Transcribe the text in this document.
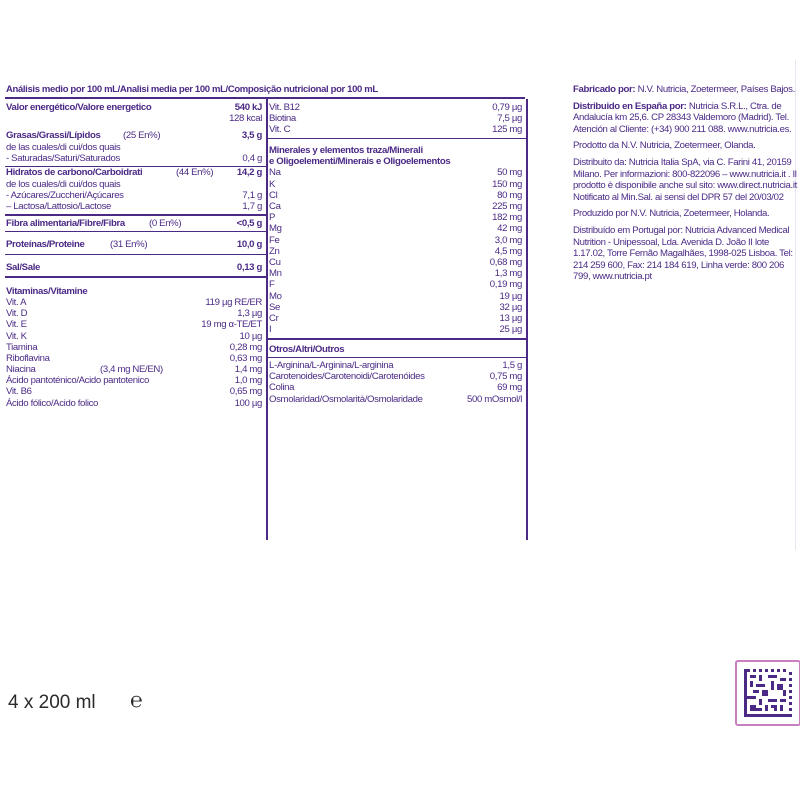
Análisis medio por 100 mL/Analisi media per 100 mL/Composição nutricional por 100 mL
Valor energético/Valore energetico	540 kJ
128 kcal
Grasas/Grassi/Lípidos (25 En%)	3,5 g
de las cuales/di cui/dos quais
- Saturadas/Saturi/Saturados	0,4 g
Hidratos de carbono/Carboidrati	(44 En%) 14,2 g
de los cuales/di cui/dos quais
- Azúcares/Zuccheri/Açúcares	7,1 g
– Lactosa/Lattosio/Lactose	1,7 g
Fibra alimentaria/Fibre/Fibra	(0 En%)	<0,5 g
Proteínas/Proteine	(31 En%)	10,0 g
Sal/Sale	0,13 g
Vitaminas/Vitamine
Vit. A	119 µg RE/ER
Vit. D	1,3 µg
Vit. E	19 mg α-TE/ET
Vit. K	10 µg
Tiamina	0,28 mg
Riboflavina	0,63 mg
Niacina	(3,4 mg NE/EN)	1,4 mg
Ácido pantoténico/Acido pantotenico	1,0 mg
Vit. B6	0,65 mg
Ácido fólico/Acido folico	100 µg
Vit. B12	0,79 µg
Biotina	7,5 µg
Vit. C	125 mg
Minerales y elementos traza/Minerali
e Oligoelementi/Minerais e Oligoelementos
Na	50 mg
K	150 mg
Cl	80 mg
Ca	225 mg
P	182 mg
Mg	42 mg
Fe	3,0 mg
Zn	4,5 mg
Cu	0,68 mg
Mn	1,3 mg
F	0,19 mg
Mo	19 µg
Se	32 µg
Cr	13 µg
I	25 µg
Otros/Altri/Outros
L-Arginina/L-Arginina/L-arginina	1,5 g
Carotenoides/Carotenoidi/Carotenóides	0,75 mg
Colina	69 mg
Osmolaridad/Osmolarità/Osmolaridade	500 mOsmol/l

Fabricado por: N.V. Nutricia, Zoetermeer, Países Bajos.

Distribuido en España por: Nutricia S.R.L., Ctra. de Andalucía km 25,6. CP 28343 Valdemoro (Madrid). Tel. Atención al Cliente: (+34) 900 211 088. www.nutricia.es.

Prodotto da N.V. Nutricia, Zoetermeer, Olanda.

Distribuito da: Nutricia Italia SpA, via C. Farini 41, 20159 Milano. Per informazioni: 800-822096 – www.nutricia.it . Il prodotto è disponibile anche sul sito: www.direct.nutricia.it Notificato al Min.Sal. ai sensi del DPR 57 del 20/03/02

Produzido por N.V. Nutricia, Zoetermeer, Holanda.

Distribuído em Portugal por: Nutricia Advanced Medical Nutrition - Unipessoal, Lda. Avenida D. João II lote 1.17.02, Torre Fernão Magalhães, 1998-025 Lisboa. Tel: 214 259 600, Fax: 214 184 619, Linha verde: 800 206 799, www.nutricia.pt

4 x 200 ml ℮
